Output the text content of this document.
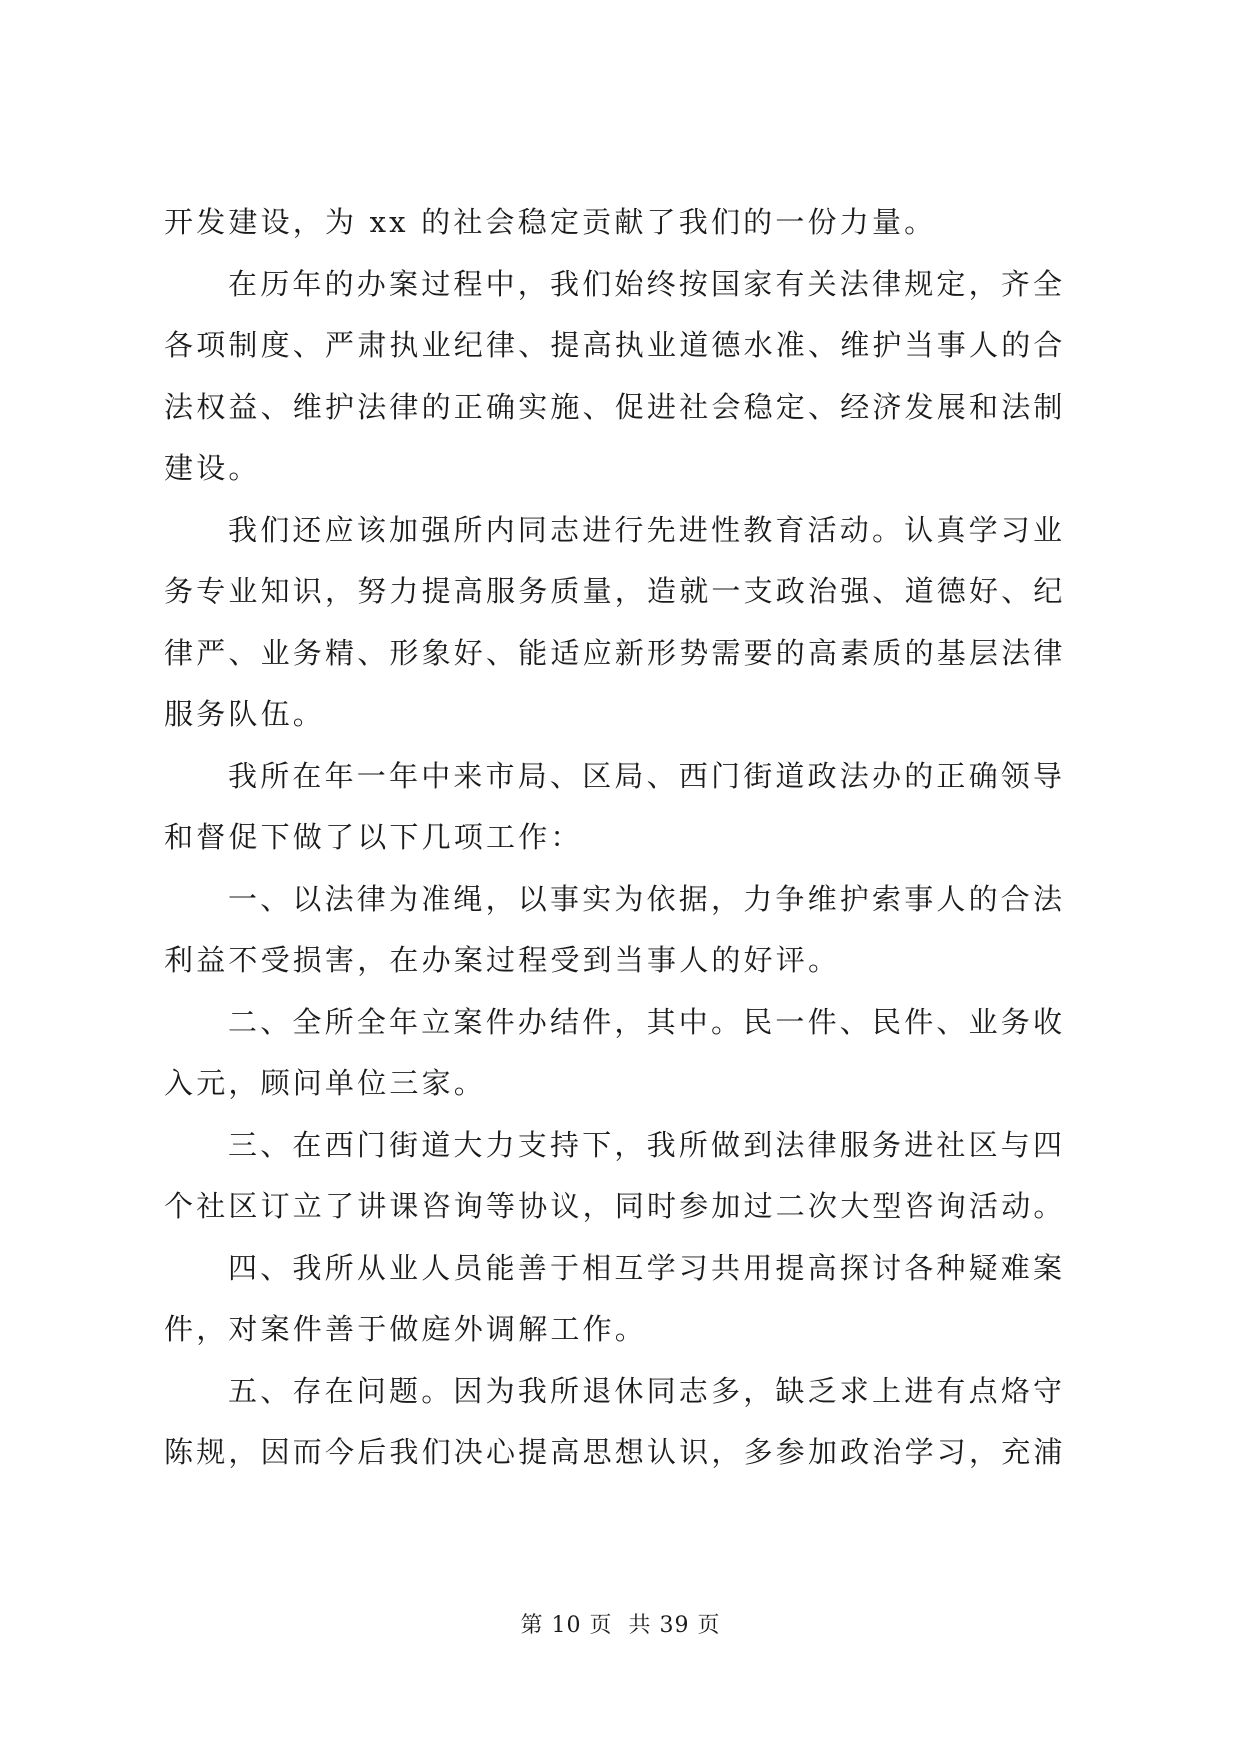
开发建设，为 xx 的社会稳定贡献了我们的一份力量。
在历年的办案过程中，我们始终按国家有关法律规定，齐全
各项制度、严肃执业纪律、提高执业道德水准、维护当事人的合
法权益、维护法律的正确实施、促进社会稳定、经济发展和法制
建设。
我们还应该加强所内同志进行先进性教育活动。认真学习业
务专业知识，努力提高服务质量，造就一支政治强、道德好、纪
律严、业务精、形象好、能适应新形势需要的高素质的基层法律
服务队伍。
我所在年一年中来市局、区局、西门街道政法办的正确领导
和督促下做了以下几项工作：
一、以法律为准绳，以事实为依据，力争维护索事人的合法
利益不受损害，在办案过程受到当事人的好评。
二、全所全年立案件办结件，其中。民一件、民件、业务收
入元，顾问单位三家。
三、在西门街道大力支持下，我所做到法律服务进社区与四
个社区订立了讲课咨询等协议，同时参加过二次大型咨询活动。
四、我所从业人员能善于相互学习共用提高探讨各种疑难案
件，对案件善于做庭外调解工作。
五、存在问题。因为我所退休同志多，缺乏求上进有点烙守
陈规，因而今后我们决心提高思想认识，多参加政治学习，充浦
第 10 页  共 39 页
